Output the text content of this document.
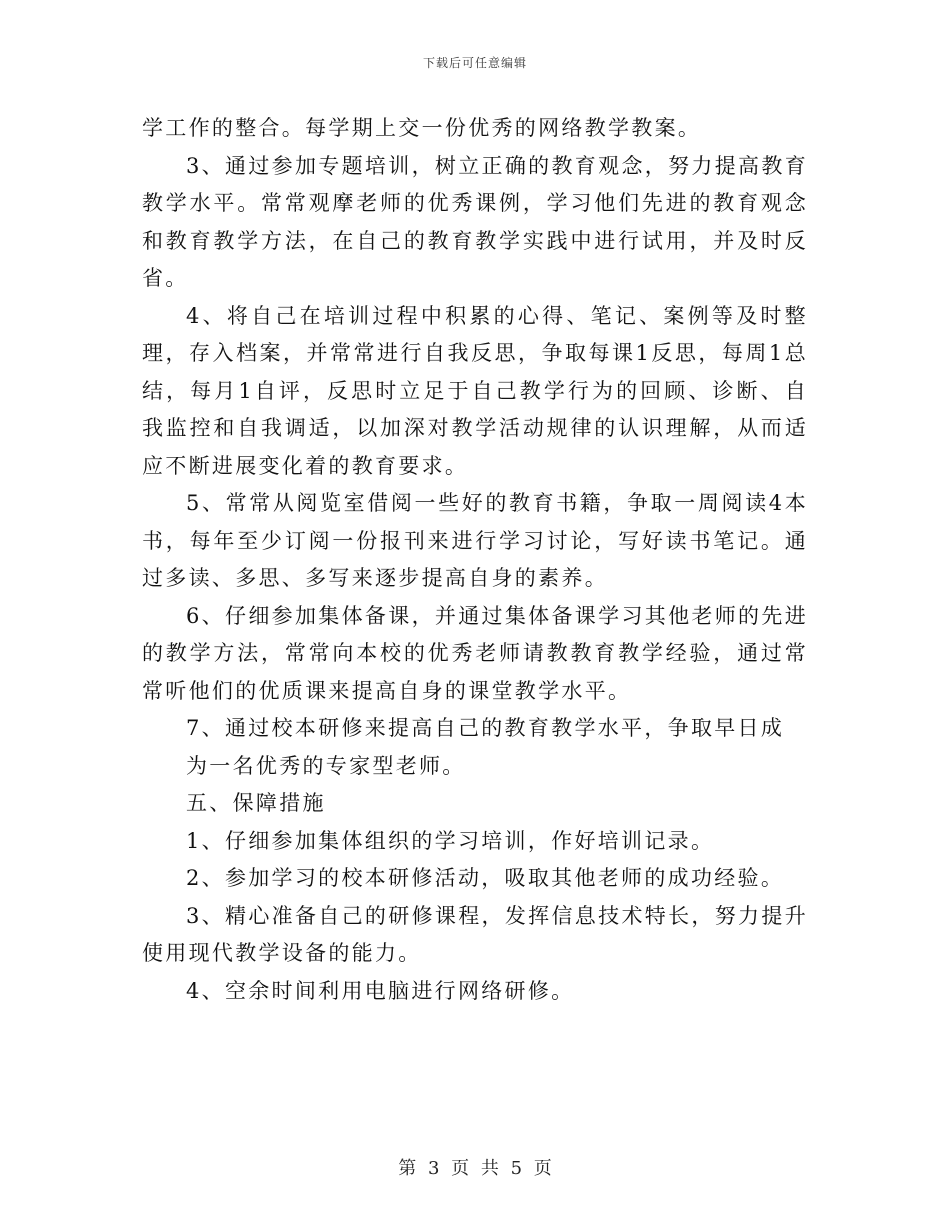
下载后可任意编辑

学工作的整合。每学期上交一份优秀的网络教学教案。

3、通过参加专题培训，树立正确的教育观念，努力提高教育教学水平。常常观摩老师的优秀课例，学习他们先进的教育观念和教育教学方法，在自己的教育教学实践中进行试用，并及时反省。

4、将自己在培训过程中积累的心得、笔记、案例等及时整理，存入档案，并常常进行自我反思，争取每课1反思，每周1总结，每月1自评，反思时立足于自己教学行为的回顾、诊断、自我监控和自我调适，以加深对教学活动规律的认识理解，从而适应不断进展变化着的教育要求。

5、常常从阅览室借阅一些好的教育书籍，争取一周阅读4本书，每年至少订阅一份报刊来进行学习讨论，写好读书笔记。通过多读、多思、多写来逐步提高自身的素养。

6、仔细参加集体备课，并通过集体备课学习其他老师的先进的教学方法，常常向本校的优秀老师请教教育教学经验，通过常常听他们的优质课来提高自身的课堂教学水平。

7、通过校本研修来提高自己的教育教学水平，争取早日成

为一名优秀的专家型老师。

五、保障措施

1、仔细参加集体组织的学习培训，作好培训记录。

2、参加学习的校本研修活动，吸取其他老师的成功经验。

3、精心准备自己的研修课程，发挥信息技术特长，努力提升使用现代教学设备的能力。

4、空余时间利用电脑进行网络研修。

第 3 页 共 5 页
